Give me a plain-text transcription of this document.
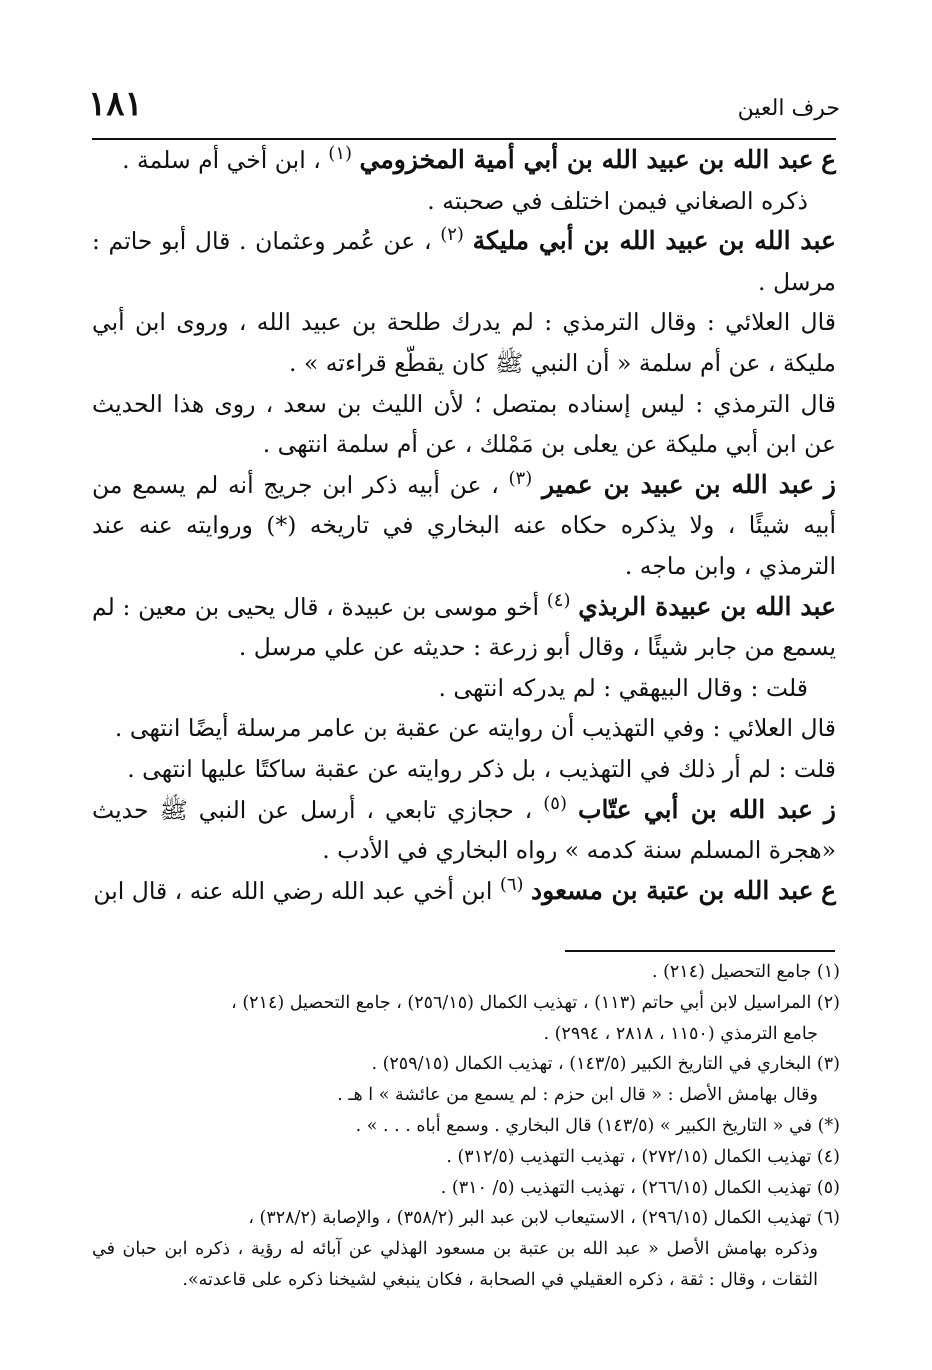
١٨١	حرف العين

ع عبد الله بن عبيد الله بن أبي أمية المخزومي $^{(١)}$ ، ابن أخي أم سلمة .

ذكره الصغاني فيمن اختلف في صحبته .

عبد الله بن عبيد الله بن أبي مليكة $^{(٢)}$ ، عن عُمر وعثمان . قال أبو حاتم : مرسل .

قال العلائي : وقال الترمذي : لم يدرك طلحة بن عبيد الله ، وروى ابن أبي مليكة ، عن أم سلمة « أن النبي ﷺ كان يقطّع قراءته » .

قال الترمذي : ليس إسناده بمتصل ؛ لأن الليث بن سعد ، روى هذا الحديث عن ابن أبي مليكة عن يعلى بن مَمْلك ، عن أم سلمة انتهى .

ز عبد الله بن عبيد بن عمير $^{(٣)}$ ، عن أبيه ذكر ابن جريج أنه لم يسمع من أبيه شيئًا ، ولا يذكره حكاه عنه البخاري في تاريخه (*) وروايته عنه عند الترمذي ، وابن ماجه .

عبد الله بن عبيدة الربذي $^{(٤)}$ أخو موسى بن عبيدة ، قال يحيى بن معين : لم يسمع من جابر شيئًا ، وقال أبو زرعة : حديثه عن علي مرسل .

قلت : وقال البيهقي : لم يدركه انتهى .

قال العلائي : وفي التهذيب أن روايته عن عقبة بن عامر مرسلة أيضًا انتهى .

قلت : لم أر ذلك في التهذيب ، بل ذكر روايته عن عقبة ساكتًا عليها انتهى .

ز عبد الله بن أبي عتّاب $^{(٥)}$ ، حجازي تابعي ، أرسل عن النبي ﷺ حديث «هجرة المسلم سنة كدمه » رواه البخاري في الأدب .

ع عبد الله بن عتبة بن مسعود $^{(٦)}$ ابن أخي عبد الله رضي الله عنه ، قال ابن

(١) جامع التحصيل (٢١٤) .

(٢) المراسيل لابن أبي حاتم (١١٣) ، تهذيب الكمال (٢٥٦/١٥) ، جامع التحصيل (٢١٤) ،

جامع الترمذي (١١٥٠ ، ٢٨١٨ ، ٢٩٩٤) .

(٣) البخاري في التاريخ الكبير (١٤٣/٥) ، تهذيب الكمال (٢٥٩/١٥) .

وقال بهامش الأصل : « قال ابن حزم : لم يسمع من عائشة » ا هـ .

(*) في « التاريخ الكبير » (١٤٣/٥) قال البخاري . وسمع أباه . . . » .

(٤) تهذيب الكمال (٢٧٢/١٥) ، تهذيب التهذيب (٣١٢/٥) .

(٥) تهذيب الكمال (٢٦٦/١٥) ، تهذيب التهذيب (٥/ ٣١٠) .

(٦) تهذيب الكمال (٢٩٦/١٥) ، الاستيعاب لابن عبد البر (٣٥٨/٢) ، والإصابة (٣٢٨/٢) ،

وذكره بهامش الأصل « عبد الله بن عتبة بن مسعود الهذلي عن آبائه له رؤية ، ذكره ابن حبان في الثقات ، وقال : ثقة ، ذكره العقيلي في الصحابة ، فكان ينبغي لشيخنا ذكره على قاعدته».
